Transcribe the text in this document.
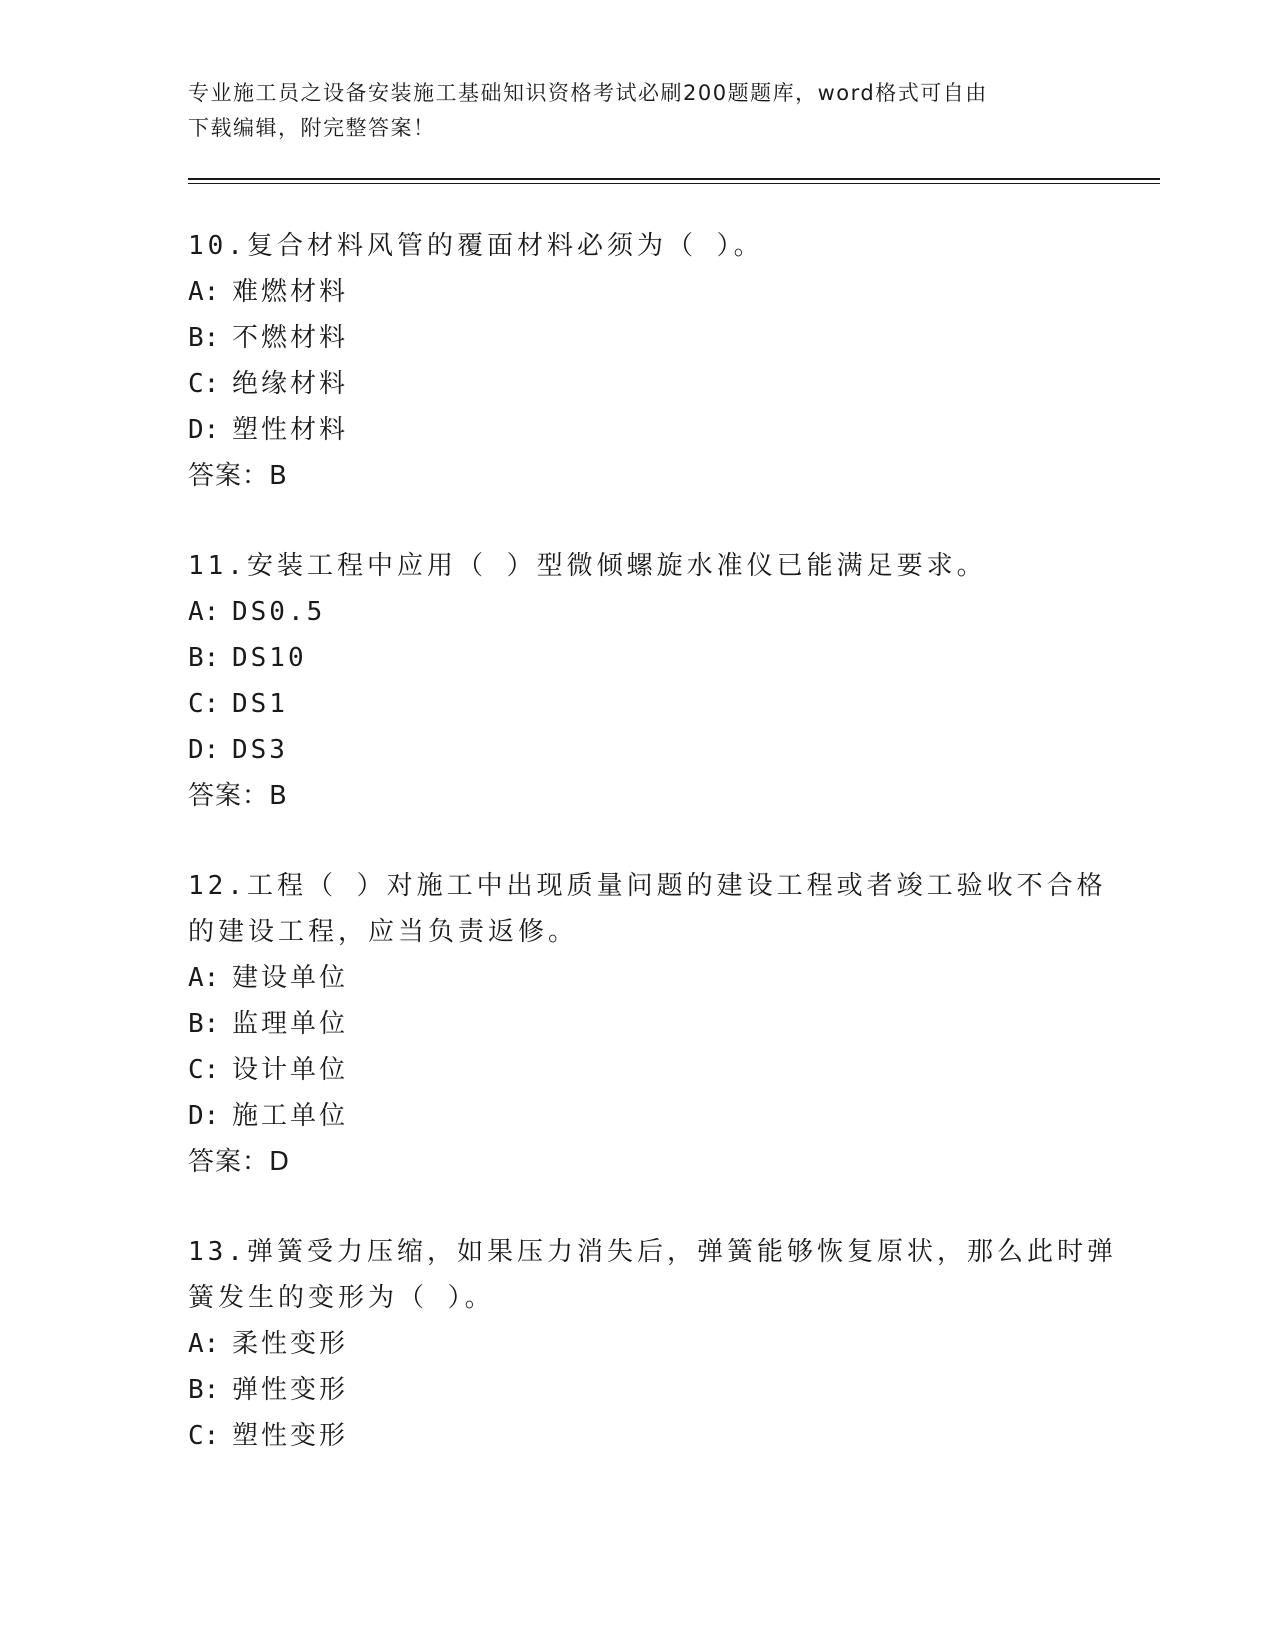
专业施工员之设备安装施工基础知识资格考试必刷200题题库，word格式可自由
下载编辑，附完整答案！
10.复合材料风管的覆面材料必须为（ ）。
A: 难燃材料
B: 不燃材料
C: 绝缘材料
D: 塑性材料
答案：B
11.安装工程中应用（ ）型微倾螺旋水准仪已能满足要求。
A: DS0.5
B: DS10
C: DS1
D: DS3
答案：B
12.工程（ ）对施工中出现质量问题的建设工程或者竣工验收不合格
的建设工程，应当负责返修。
A: 建设单位
B: 监理单位
C: 设计单位
D: 施工单位
答案：D
13.弹簧受力压缩，如果压力消失后，弹簧能够恢复原状，那么此时弹
簧发生的变形为（ ）。
A: 柔性变形
B: 弹性变形
C: 塑性变形
